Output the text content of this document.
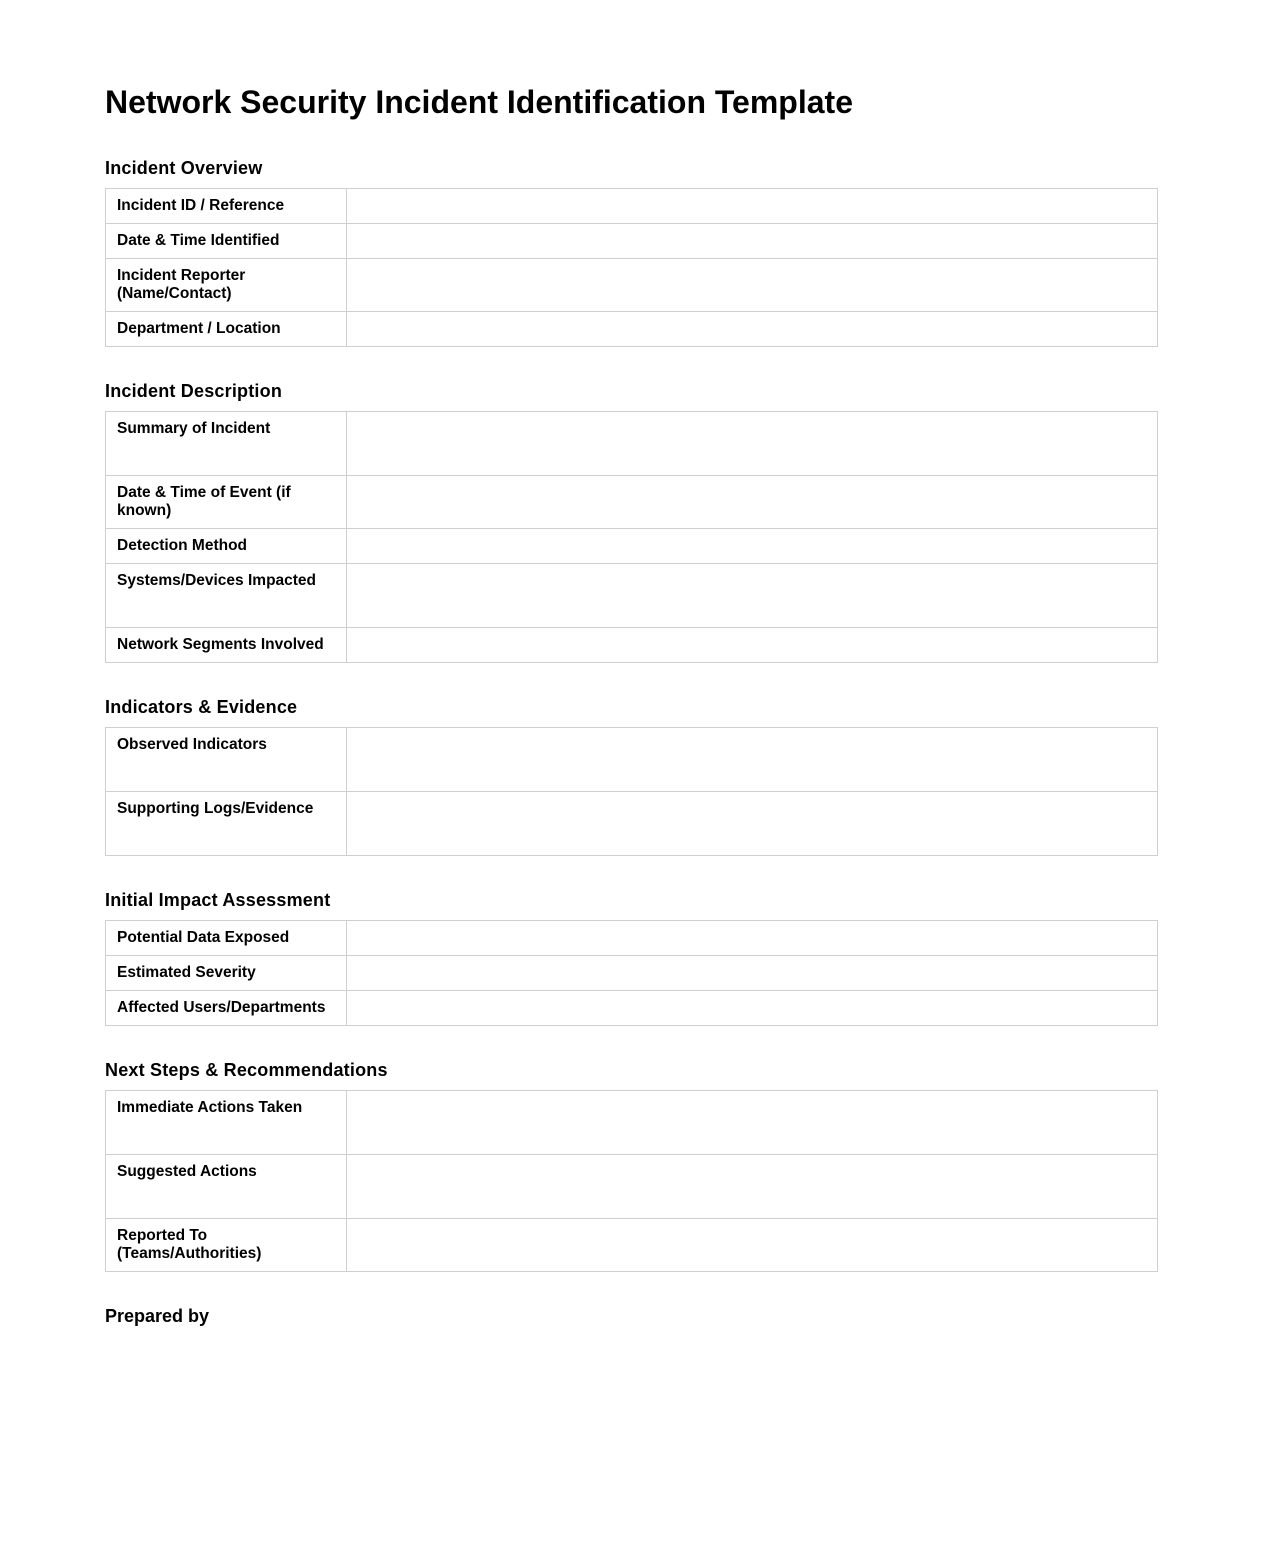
Network Security Incident Identification Template
Incident Overview
Incident ID / Reference	
Date & Time Identified	
Incident Reporter (Name/Contact)	
Department / Location	
Incident Description
Summary of Incident	
Date & Time of Event (if known)	
Detection Method	
Systems/Devices Impacted	
Network Segments Involved	
Indicators & Evidence
Observed Indicators	
Supporting Logs/Evidence	
Initial Impact Assessment
Potential Data Exposed	
Estimated Severity	
Affected Users/Departments	
Next Steps & Recommendations
Immediate Actions Taken	
Suggested Actions	
Reported To (Teams/Authorities)	
Prepared by
